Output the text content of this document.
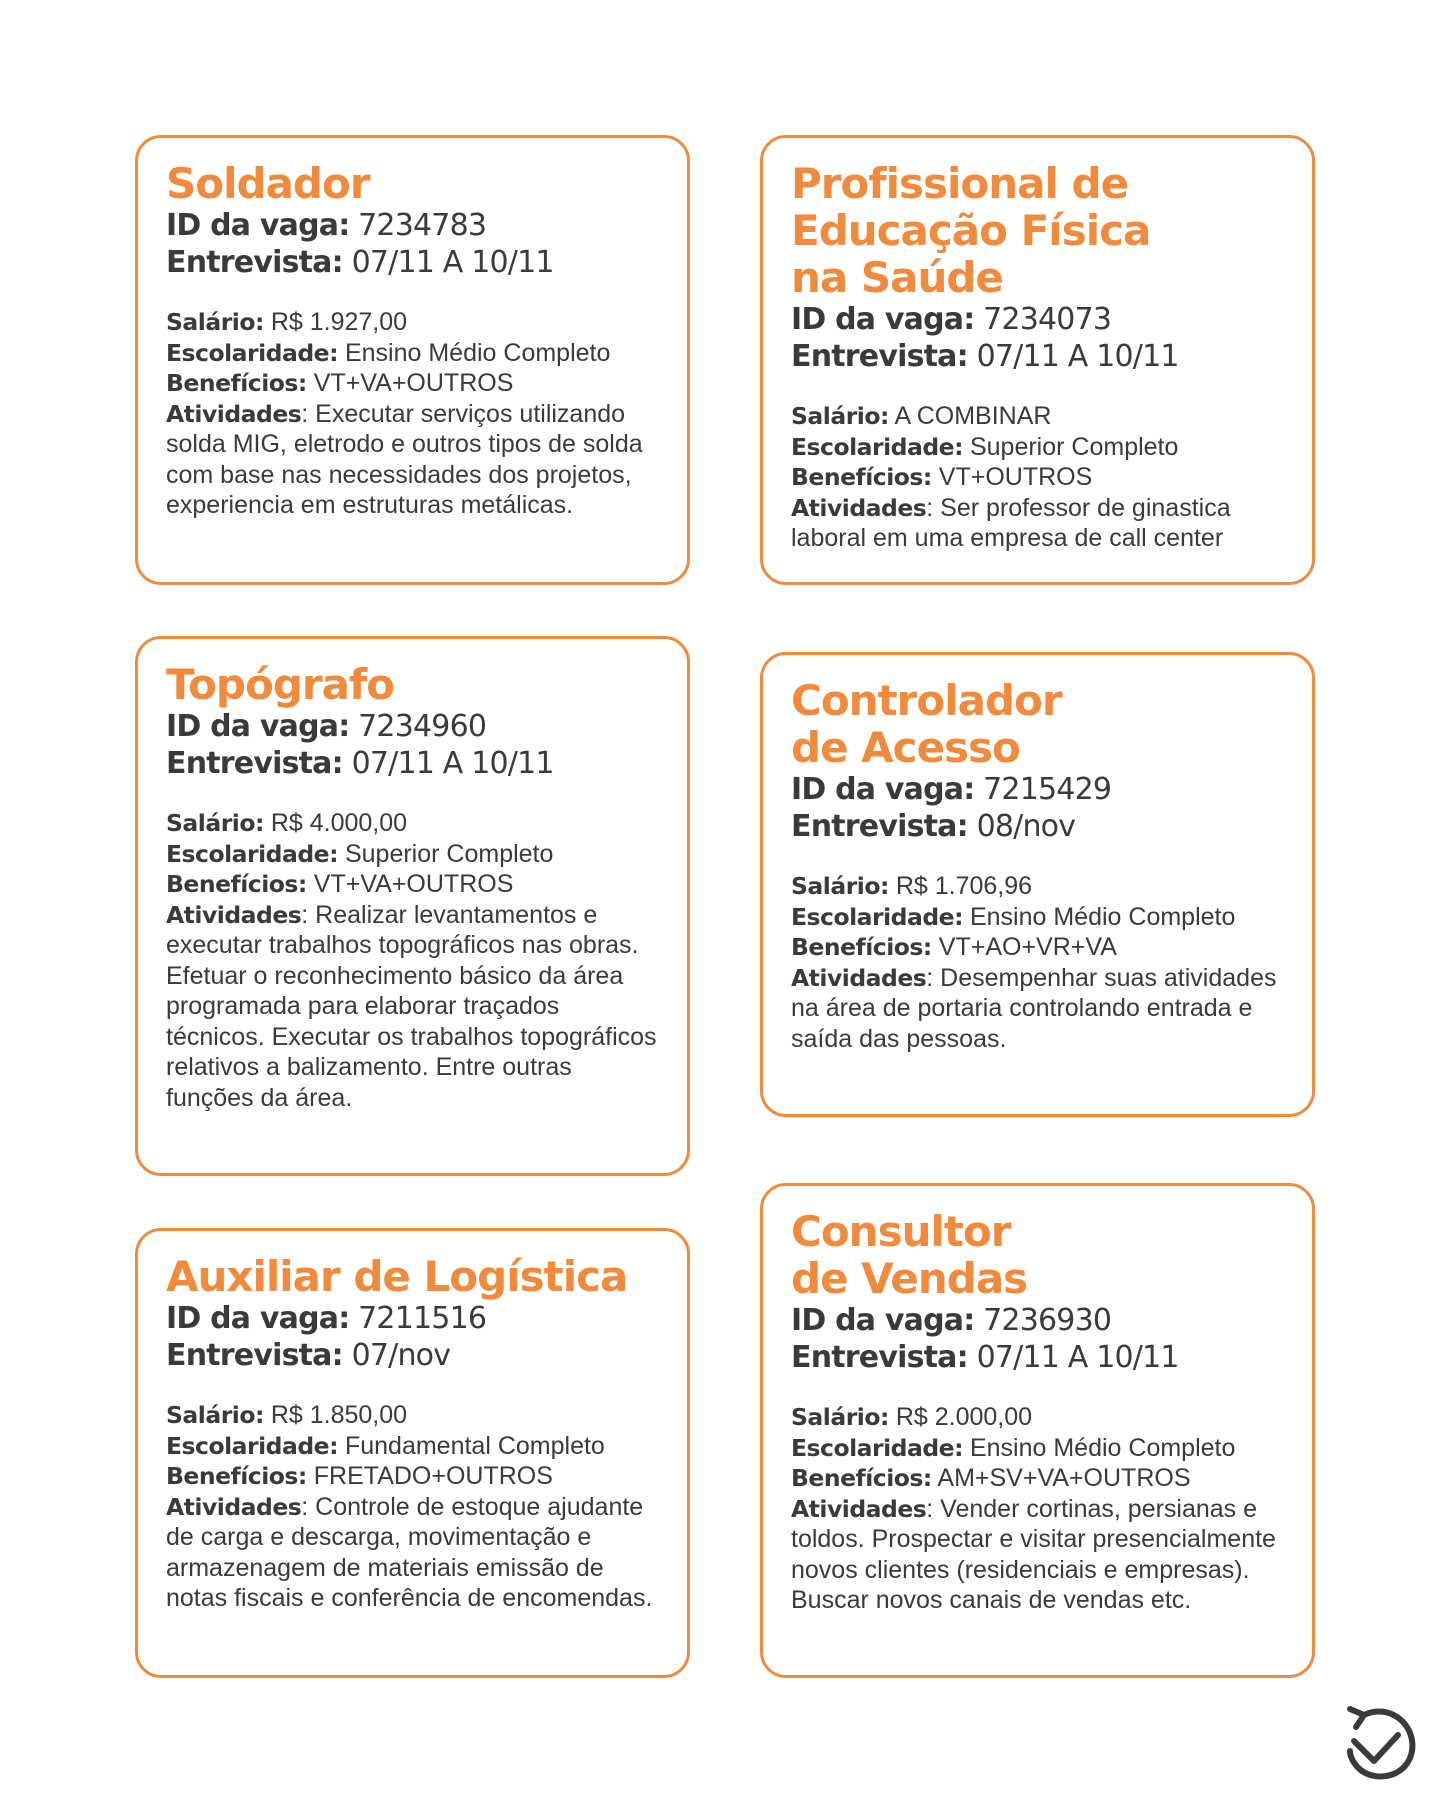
Soldador
ID da vaga: 7234783
Entrevista: 07/11 A 10/11
Salário: R$ 1.927,00
Escolaridade: Ensino Médio Completo
Benefícios: VT+VA+OUTROS
Atividades: Executar serviços utilizando solda MIG, eletrodo e outros tipos de solda com base nas necessidades dos projetos, experiencia em estruturas metálicas.
Profissional de
Educação Física
na Saúde
ID da vaga: 7234073
Entrevista: 07/11 A 10/11
Salário: A COMBINAR
Escolaridade: Superior Completo
Benefícios: VT+OUTROS
Atividades: Ser professor de ginastica laboral em uma empresa de call center
Topógrafo
ID da vaga: 7234960
Entrevista: 07/11 A 10/11
Salário: R$ 4.000,00
Escolaridade: Superior Completo
Benefícios: VT+VA+OUTROS
Atividades: Realizar levantamentos e executar trabalhos topográficos nas obras. Efetuar o reconhecimento básico da área programada para elaborar traçados técnicos. Executar os trabalhos topográficos relativos a balizamento. Entre outras funções da área.
Controlador
de Acesso
ID da vaga: 7215429
Entrevista: 08/nov
Salário: R$ 1.706,96
Escolaridade: Ensino Médio Completo
Benefícios: VT+AO+VR+VA
Atividades: Desempenhar suas atividades na área de portaria controlando entrada e saída das pessoas.
Auxiliar de Logística
ID da vaga: 7211516
Entrevista: 07/nov
Salário: R$ 1.850,00
Escolaridade: Fundamental Completo
Benefícios: FRETADO+OUTROS
Atividades: Controle de estoque ajudante de carga e descarga, movimentação e armazenagem de materiais emissão de notas fiscais e conferência de encomendas.
Consultor
de Vendas
ID da vaga: 7236930
Entrevista: 07/11 A 10/11
Salário: R$ 2.000,00
Escolaridade: Ensino Médio Completo
Benefícios: AM+SV+VA+OUTROS
Atividades: Vender cortinas, persianas e toldos. Prospectar e visitar presencialmente novos clientes (residenciais e empresas). Buscar novos canais de vendas etc.
